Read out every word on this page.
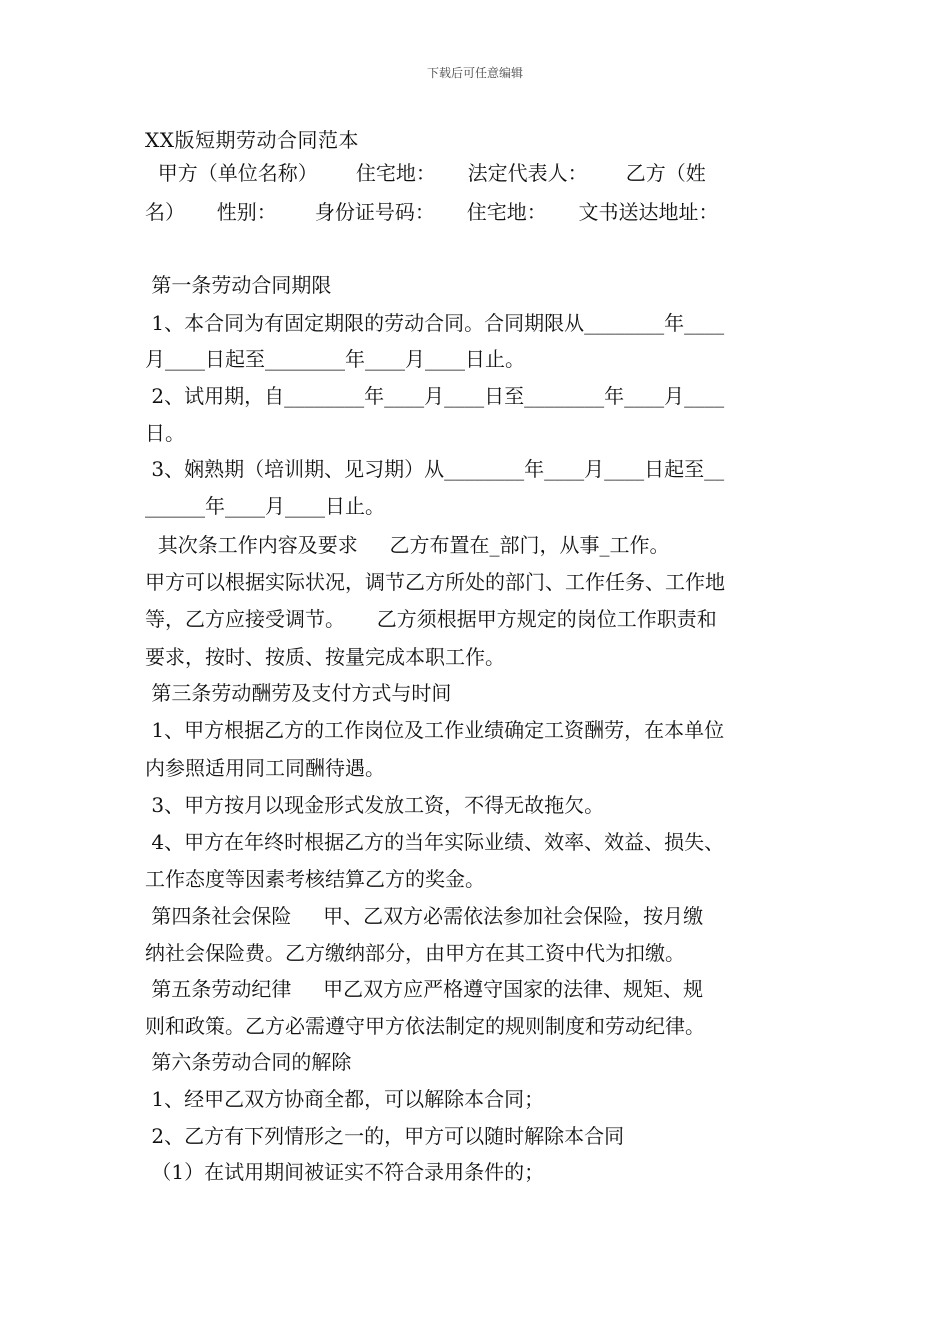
下载后可任意编辑
XX版短期劳动合同范本
甲方（单位名称）      住宅地：     法定代表人：      乙方（姓
名）     性别：      身份证号码：     住宅地：     文书送达地址：
第一条劳动合同期限
1、本合同为有固定期限的劳动合同。合同期限从________年____
月____日起至________年____月____日止。
2、试用期，自________年____月____日至________年____月____
日。
3、娴熟期（培训期、见习期）从________年____月____日起至__
______年____月____日止。
其次条工作内容及要求     乙方布置在_部门，从事_工作。
甲方可以根据实际状况，调节乙方所处的部门、工作任务、工作地
等，乙方应接受调节。     乙方须根据甲方规定的岗位工作职责和
要求，按时、按质、按量完成本职工作。
第三条劳动酬劳及支付方式与时间
1、甲方根据乙方的工作岗位及工作业绩确定工资酬劳，在本单位
内参照适用同工同酬待遇。
3、甲方按月以现金形式发放工资，不得无故拖欠。
4、甲方在年终时根据乙方的当年实际业绩、效率、效益、损失、
工作态度等因素考核结算乙方的奖金。
第四条社会保险     甲、乙双方必需依法参加社会保险，按月缴
纳社会保险费。乙方缴纳部分，由甲方在其工资中代为扣缴。
第五条劳动纪律     甲乙双方应严格遵守国家的法律、规矩、规
则和政策。乙方必需遵守甲方依法制定的规则制度和劳动纪律。
第六条劳动合同的解除
1、经甲乙双方协商全都，可以解除本合同；
2、乙方有下列情形之一的，甲方可以随时解除本合同
（1）在试用期间被证实不符合录用条件的；
